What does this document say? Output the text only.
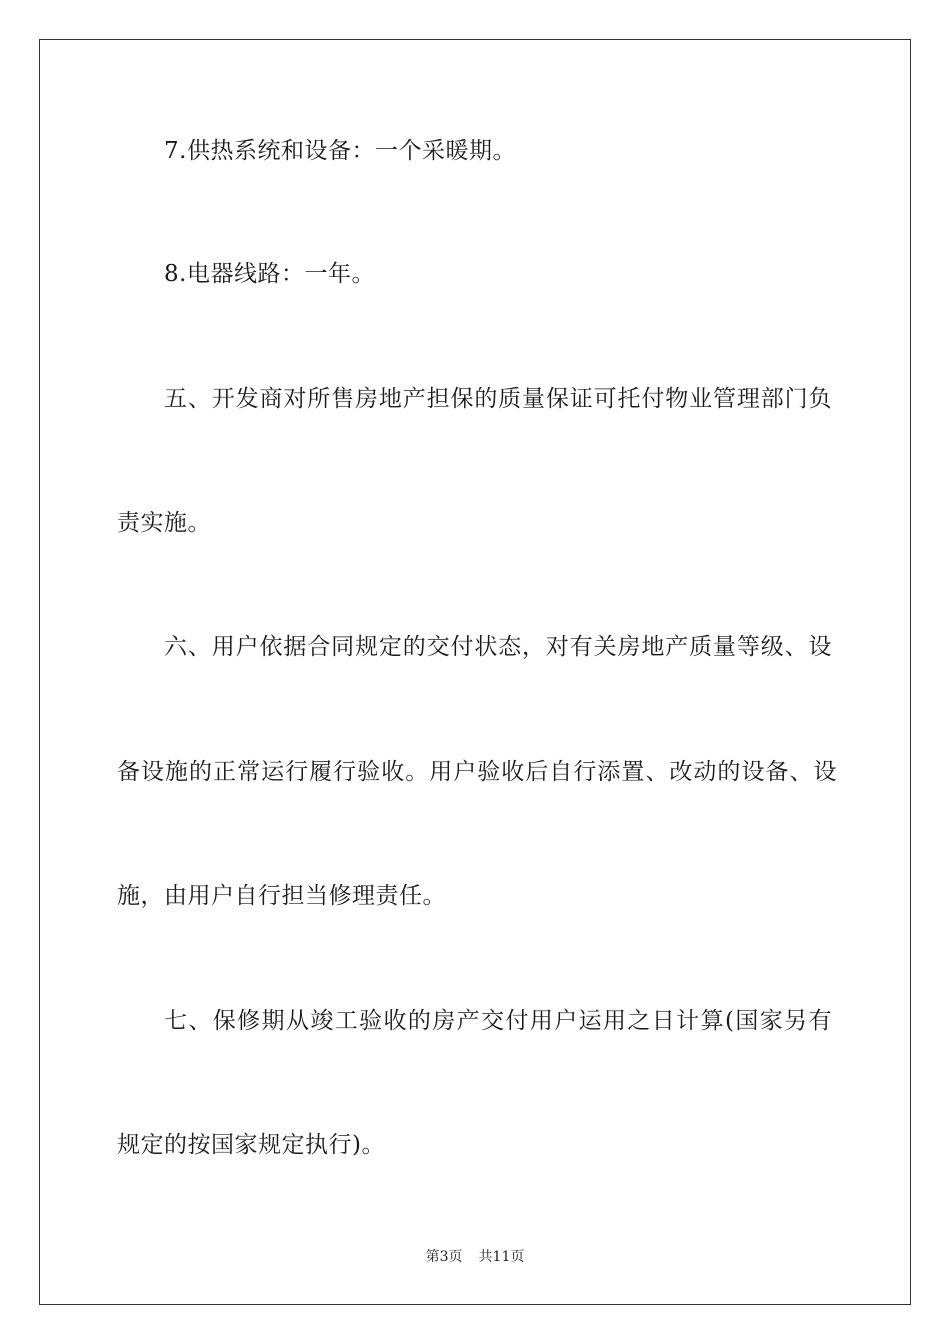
7.供热系统和设备：一个采暖期。
8.电器线路：一年。
五、开发商对所售房地产担保的质量保证可托付物业管理部门负
责实施。
六、用户依据合同规定的交付状态，对有关房地产质量等级、设
备设施的正常运行履行验收。用户验收后自行添置、改动的设备、设
施，由用户自行担当修理责任。
七、保修期从竣工验收的房产交付用户运用之日计算(国家另有
规定的按国家规定执行)。
第3页 共11页
